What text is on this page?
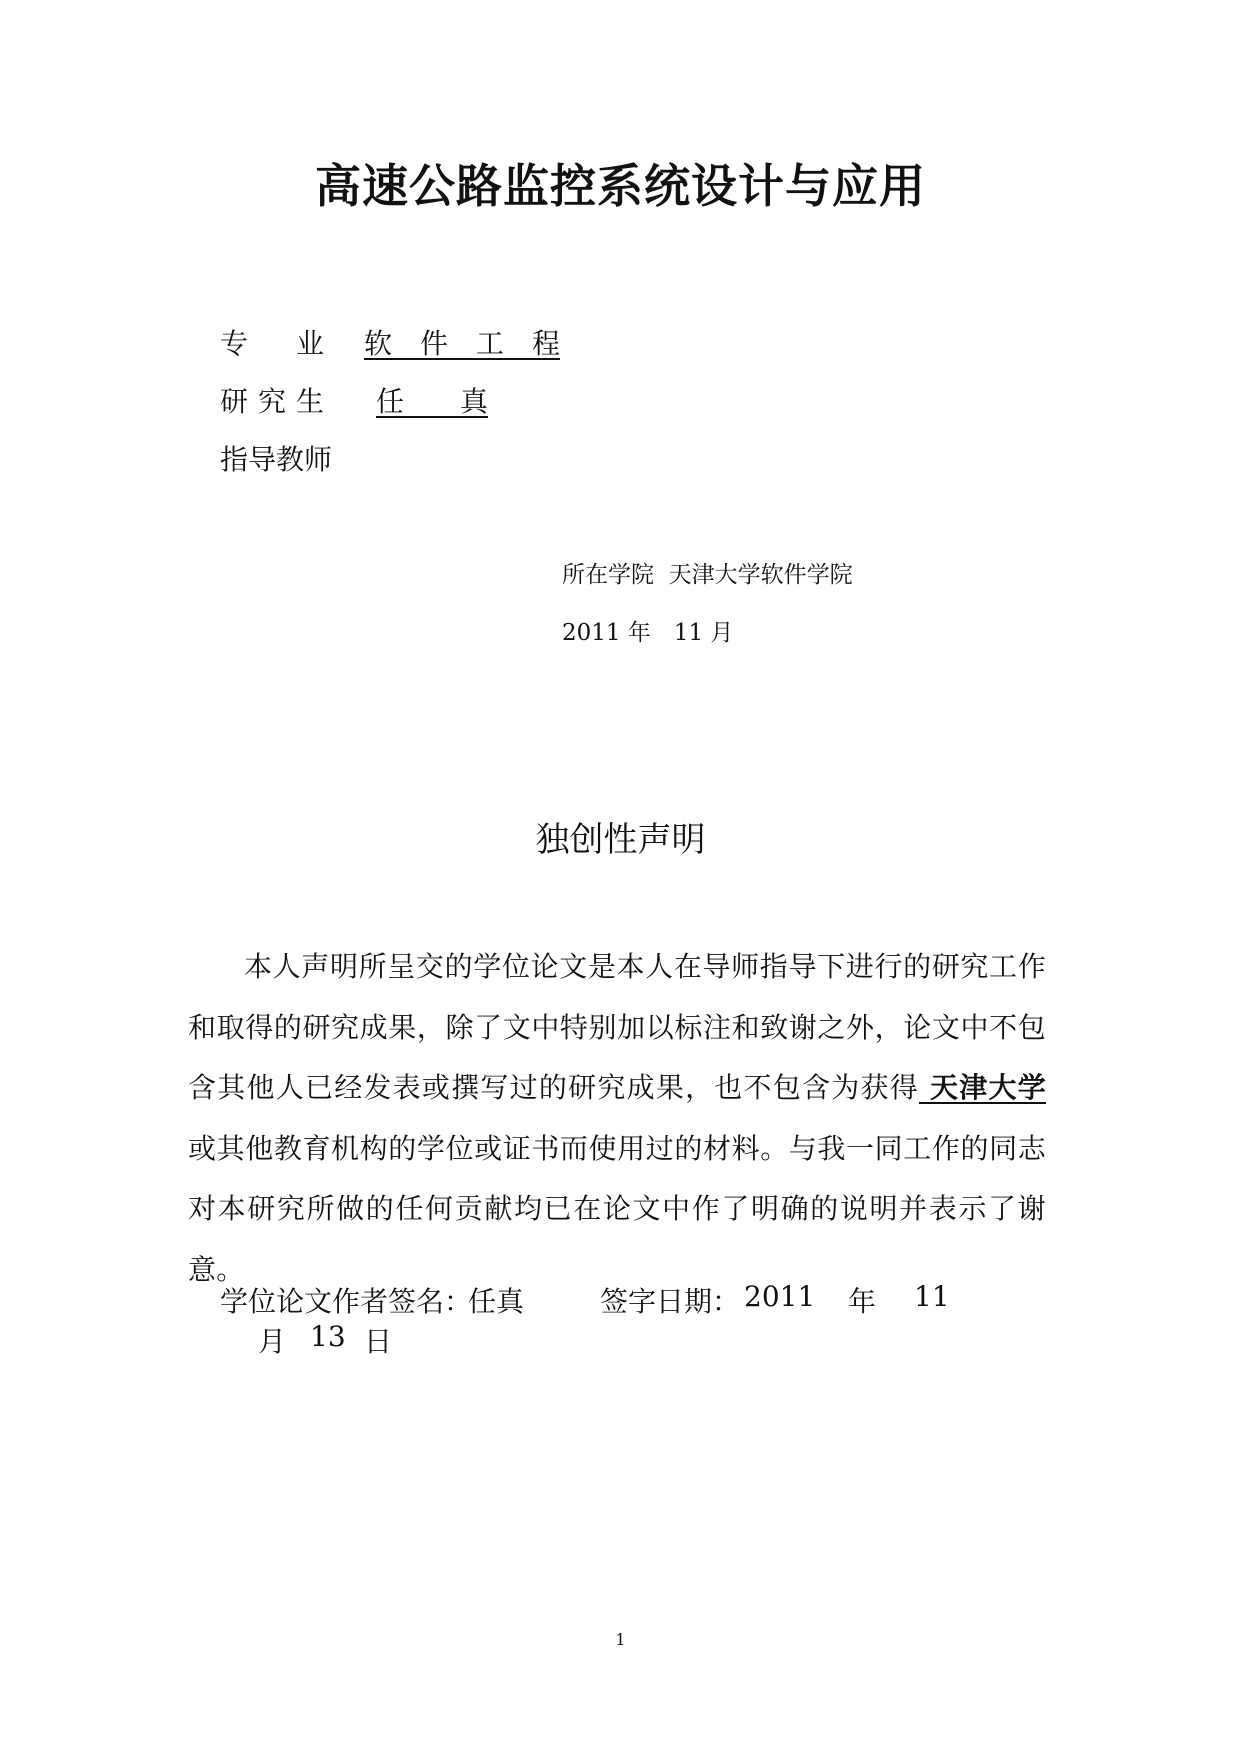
高速公路监控系统设计与应用
专 业 软　件　工　程
研 究 生 任　　真
指导教师
所在学院 天津大学软件学院
2011 年　11 月
独创性声明
本人声明所呈交的学位论文是本人在导师指导下进行的研究工作和取得的研究成果，除了文中特别加以标注和致谢之外，论文中不包含其他人已经发表或撰写过的研究成果，也不包含为获得 天津大学 或其他教育机构的学位或证书而使用过的材料。与我一同工作的同志对本研究所做的任何贡献均已在论文中作了明确的说明并表示了谢意。
学位论文作者签名：
任真	签字日期： 2011 年 11
月 13 日
1
